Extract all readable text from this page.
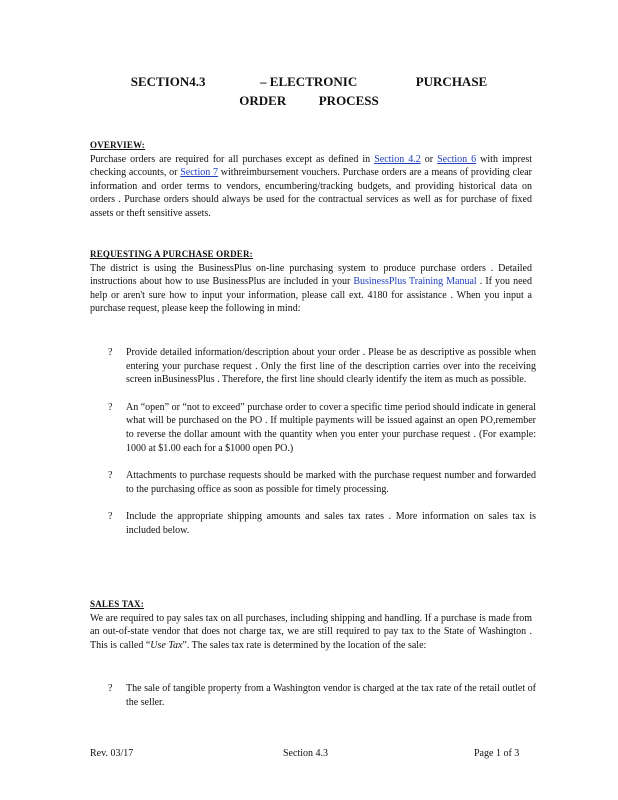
SECTION4.3	– ELECTRONIC	PURCHASE
ORDER	PROCESS
OVERVIEW:
Purchase orders are required for all purchases except as defined in Section 4.2 or Section 6 with imprest checking accounts, or Section 7 withreimbursement vouchers. Purchase orders are a means of providing clear information and order terms to vendors, encumbering/tracking budgets, and providing historical data on orders . Purchase orders should always be used for the contractual services as well as for purchase of fixed assets or theft sensitive assets.
REQUESTING A PURCHASE ORDER:
The district is using the BusinessPlus on-line purchasing system to produce purchase orders . Detailed instructions about how to use BusinessPlus are included in your BusinessPlus Training Manual . If you need help or aren't sure how to input your information, please call ext. 4180 for assistance . When you input a purchase request, please keep the following in mind:
?	Provide detailed information/description about your order . Please be as descriptive as possible when entering your purchase request . Only the first line of the description carries over into the receiving screen inBusinessPlus . Therefore, the first line should clearly identify the item as much as possible.
?	An “open” or “not to exceed” purchase order to cover a specific time period should indicate in general what will be purchased on the PO . If multiple payments will be issued against an open PO,remember to reverse the dollar amount with the quantity when you enter your purchase request . (For example: 1000 at $1.00 each for a $1000 open PO.)
?	Attachments to purchase requests should be marked with the purchase request number and forwarded to the purchasing office as soon as possible for timely processing.
?	Include the appropriate shipping amounts and sales tax rates . More information on sales tax is included below.
SALES TAX:
We are required to pay sales tax on all purchases, including shipping and handling. If a purchase is made from an out-of-state vendor that does not charge tax, we are still required to pay tax to the State of Washington . This is called “Use Tax”. The sales tax rate is determined by the location of the sale:
?	The sale of tangible property from a Washington vendor is charged at the tax rate of the retail outlet of the seller.
Rev. 03/17	Section 4.3	Page 1 of 3
